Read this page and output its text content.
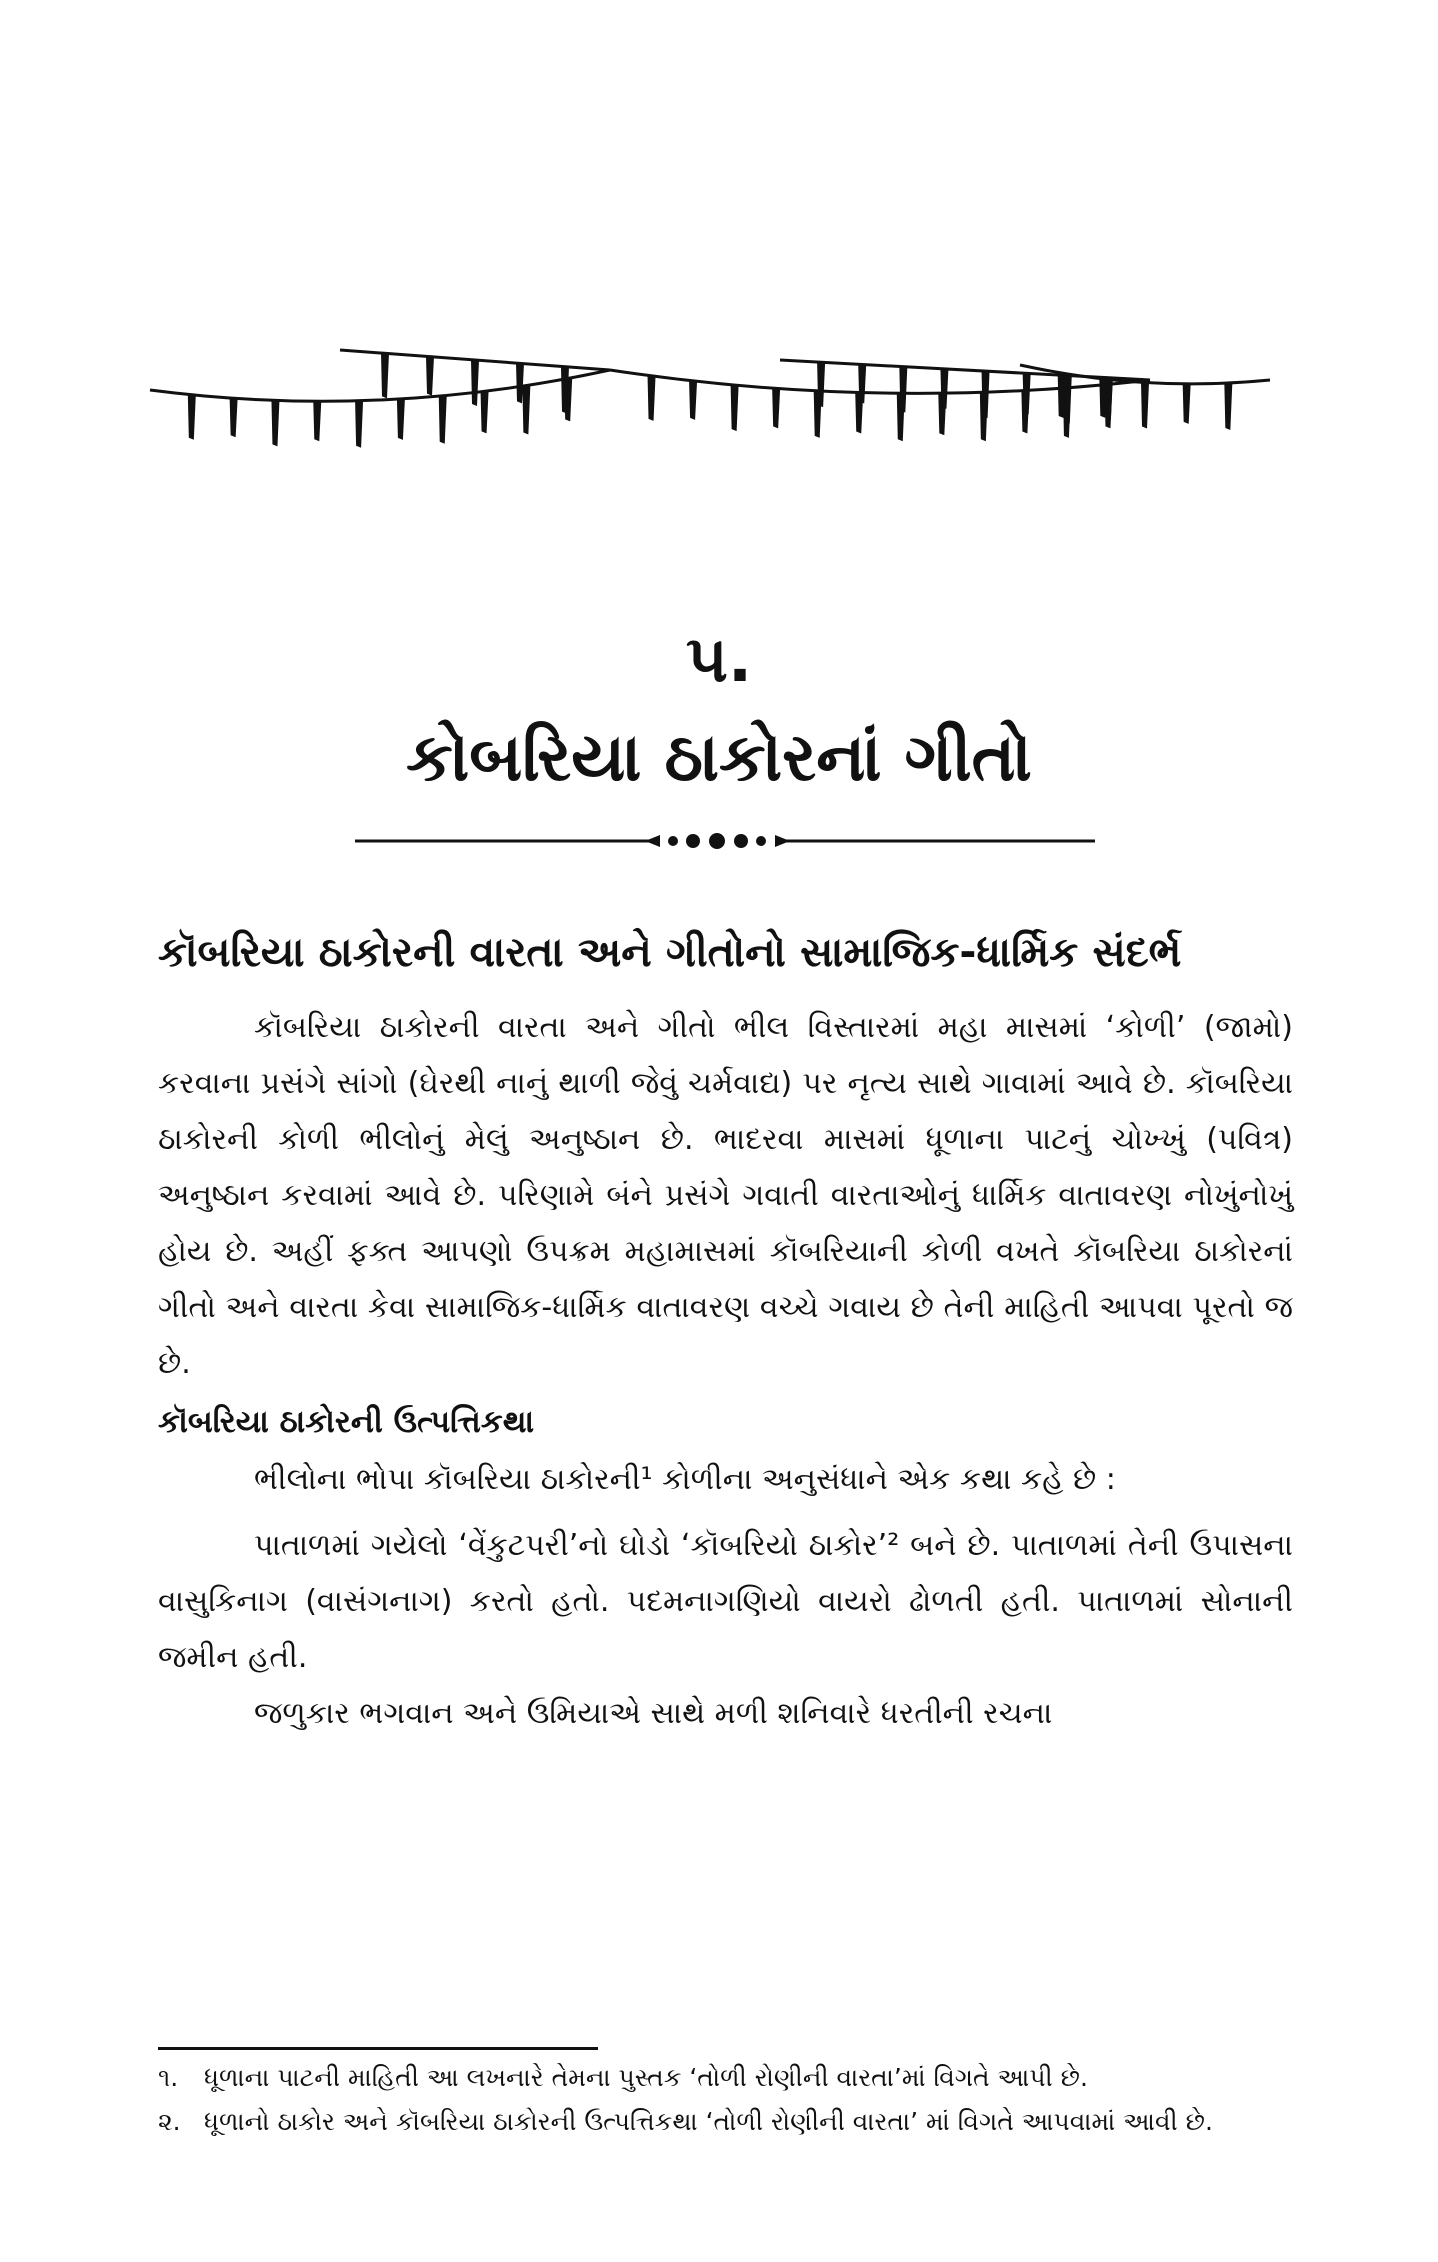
૫.
કોબરિયા ઠાકોરનાં ગીતો
કૉબરિયા ઠાકોરની વારતા અને ગીતોનો સામાજિક-ધાર્મિક સંદર્ભ

કૉબરિયા ઠાકોરની વારતા અને ગીતો ભીલ વિસ્તારમાં મહા માસમાં ‘કોળી’ (જામો) કરવાના પ્રસંગે સાંગો (ઘેરથી નાનું થાળી જેવું ચર્મવાદ્ય) પર નૃત્ય સાથે ગાવામાં આવે છે. કૉબરિયા ઠાકોરની કોળી ભીલોનું મેલું અનુષ્ઠાન છે. ભાદરવા માસમાં ધૂળાના પાટનું ચોખ્ખું (પવિત્ર) અનુષ્ઠાન કરવામાં આવે છે. પરિણામે બંને પ્રસંગે ગવાતી વારતાઓનું ધાર્મિક વાતાવરણ નોખુંનોખું હોય છે. અહીં ફક્ત આપણો ઉપક્રમ મહામાસમાં કૉબરિયાની કોળી વખતે કૉબરિયા ઠાકોરનાં ગીતો અને વારતા કેવા સામાજિક-ધાર્મિક વાતાવરણ વચ્ચે ગવાય છે તેની માહિતી આપવા પૂરતો જ છે.

કૉબરિયા ઠાકોરની ઉત્પત્તિકથા

ભીલોના ભોપા કૉબરિયા ઠાકોરની¹ કોળીના અનુસંધાને એક કથા કહે છે :

પાતાળમાં ગયેલો ‘વેંકુટપરી’નો ઘોડો ‘કૉબરિયો ઠાકોર’² બને છે. પાતાળમાં તેની ઉપાસના વાસુકિનાગ (વાસંગનાગ) કરતો હતો. પદમનાગણિયો વાયરો ઢોળતી હતી. પાતાળમાં સોનાની જમીન હતી.

જળુકાર ભગવાન અને ઉમિયાએ સાથે મળી શનિવારે ધરતીની રચના

૧.	ધૂળાના પાટની માહિતી આ લખનારે તેમના પુસ્તક ‘તોળી રોણીની વારતા’માં વિગતે આપી છે.
૨. ધૂળાનો ઠાકોર અને કૉબરિયા ઠાકોરની ઉત્પત્તિકથા ‘તોળી રોણીની વારતા’ માં વિગતે આપવામાં આવી છે.
